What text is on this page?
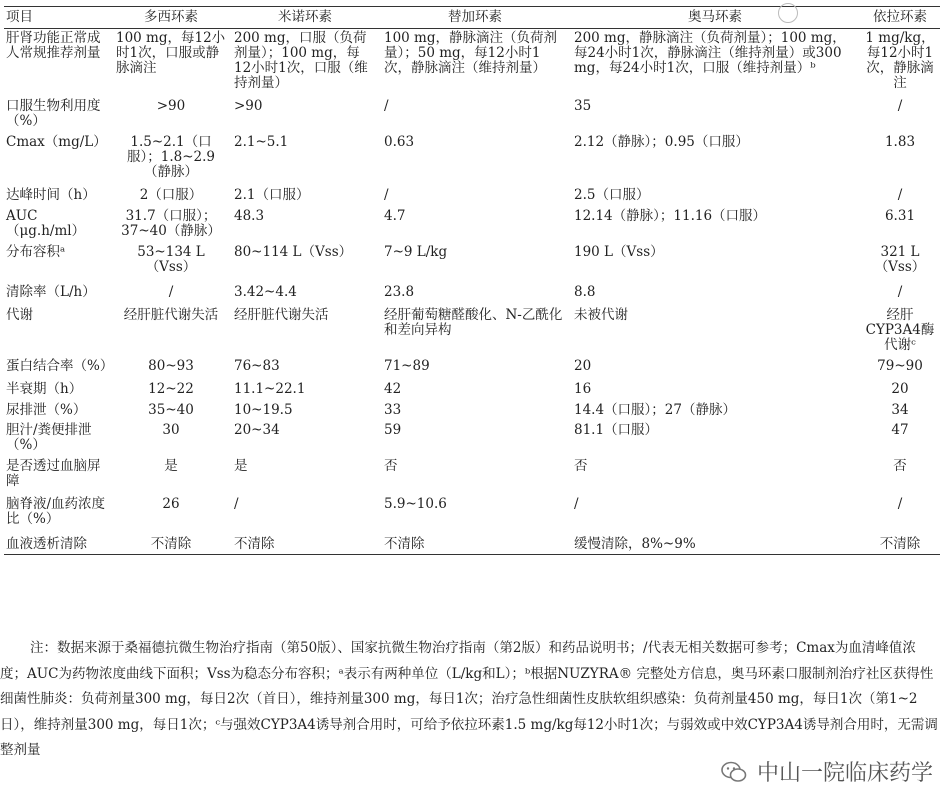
项目	多西环素	米诺环素	替加环素	奥马环素	依拉环素
肝肾功能正常成人常规推荐剂量	100 mg，每12小时1次，口服或静脉滴注	200 mg，口服（负荷剂量）；100 mg，每12小时1次，口服（维持剂量）	100 mg，静脉滴注（负荷剂量）；50 mg，每12小时1次，静脉滴注（维持剂量）	200 mg，静脉滴注（负荷剂量）；100 mg，每24小时1次，静脉滴注（维持剂量）或300 mg，每24小时1次，口服（维持剂量）ᵇ	1 mg/kg，每12小时1次，静脉滴注
口服生物利用度（%）	>90	>90	/	35	/
Cmax（mg/L）	1.5~2.1（口服）；1.8~2.9（静脉）	2.1~5.1	0.63	2.12（静脉）；0.95（口服）	1.83
达峰时间（h）	2（口服）	2.1（口服）	/	2.5（口服）	/
AUC（μg.h/ml）	31.7（口服）；37~40（静脉）	48.3	4.7	12.14（静脉）；11.16（口服）	6.31
分布容积ᵃ	53~134 L（Vss）	80~114 L（Vss）	7~9 L/kg	190 L（Vss）	321 L（Vss）
清除率（L/h）	/	3.42~4.4	23.8	8.8	/
代谢	经肝脏代谢失活	经肝脏代谢失活	经肝葡萄糖醛酸化、N-乙酰化和差向异构	未被代谢	经肝CYP3A4酶代谢ᶜ
蛋白结合率（%）	80~93	76~83	71~89	20	79~90
半衰期（h）	12~22	11.1~22.1	42	16	20
尿排泄（%）	35~40	10~19.5	33	14.4（口服）；27（静脉）	34
胆汁/粪便排泄（%）	30	20~34	59	81.1（口服）	47
是否透过血脑屏障	是	是	否	否	否
脑脊液/血药浓度比（%）	26	/	5.9~10.6	/	/
血液透析清除	不清除	不清除	不清除	缓慢清除，8%~9%	不清除
注：数据来源于桑福德抗微生物治疗指南（第50版）、国家抗微生物治疗指南（第2版）和药品说明书；/代表无相关数据可参考；Cmax为血清峰值浓度；AUC为药物浓度曲线下面积；Vss为稳态分布容积；ᵃ表示有两种单位（L/kg和L）；ᵇ根据NUZYRA® 完整处方信息，奥马环素口服制剂治疗社区获得性细菌性肺炎：负荷剂量300 mg，每日2次（首日），维持剂量300 mg，每日1次；治疗急性细菌性皮肤软组织感染：负荷剂量450 mg，每日1次（第1~2日），维持剂量300 mg，每日1次；ᶜ与强效CYP3A4诱导剂合用时，可给予依拉环素1.5 mg/kg每12小时1次；与弱效或中效CYP3A4诱导剂合用时，无需调整剂量
中山一院临床药学
